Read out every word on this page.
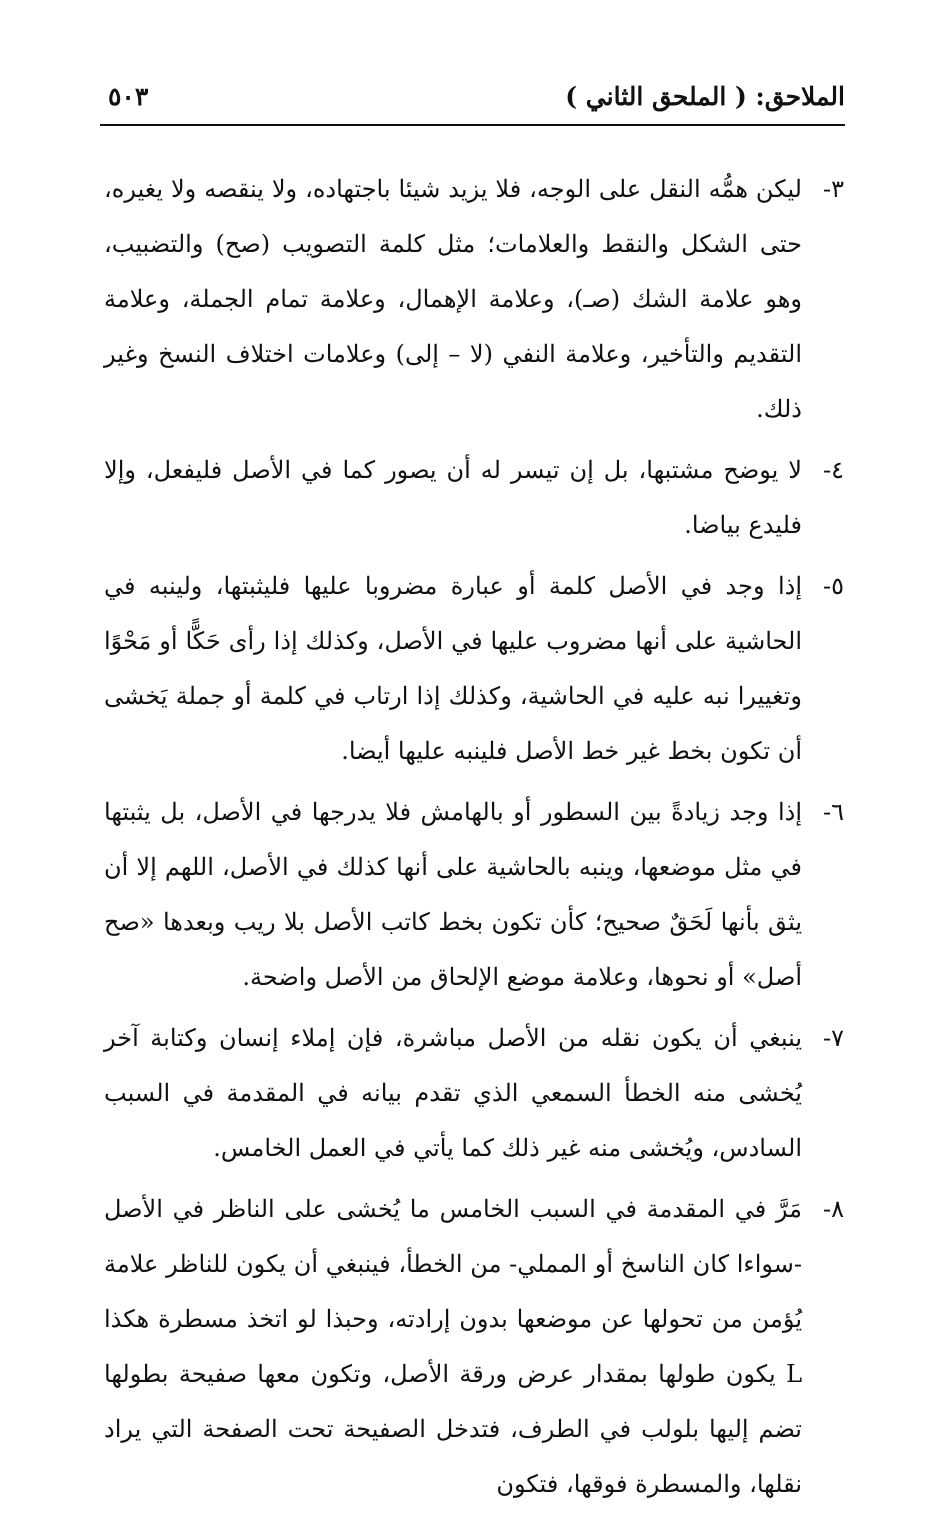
الملاحق: ( الملحق الثاني )
٥٠٣
٣-

ليكن همُّه النقل على الوجه، فلا يزيد شيئا باجتهاده، ولا ينقصه ولا يغيره، حتى الشكل والنقط والعلامات؛ مثل كلمة التصويب (صح) والتضبيب، وهو علامة الشك (صـ)، وعلامة الإهمال، وعلامة تمام الجملة، وعلامة التقديم والتأخير، وعلامة النفي (لا – إلى) وعلامات اختلاف النسخ وغير ذلك.

٤-

لا يوضح مشتبها، بل إن تيسر له أن يصور كما في الأصل فليفعل، وإلا فليدع بياضا.

٥-

إذا وجد في الأصل كلمة أو عبارة مضروبا عليها فليثبتها، ولينبه في الحاشية على أنها مضروب عليها في الأصل، وكذلك إذا رأى حَكًّا أو مَحْوًا وتغييرا نبه عليه في الحاشية، وكذلك إذا ارتاب في كلمة أو جملة يَخشى أن تكون بخط غير خط الأصل فلينبه عليها أيضا.

٦-

إذا وجد زيادةً بين السطور أو بالهامش فلا يدرجها في الأصل، بل يثبتها في مثل موضعها، وينبه بالحاشية على أنها كذلك في الأصل، اللهم إلا أن يثق بأنها لَحَقٌ صحيح؛ كأن تكون بخط كاتب الأصل بلا ريب وبعدها «صح أصل» أو نحوها، وعلامة موضع الإلحاق من الأصل واضحة.

٧-

ينبغي أن يكون نقله من الأصل مباشرة، فإن إملاء إنسان وكتابة آخر يُخشى منه الخطأ السمعي الذي تقدم بيانه في المقدمة في السبب السادس، ويُخشى منه غير ذلك كما يأتي في العمل الخامس.

٨-

مَرَّ في المقدمة في السبب الخامس ما يُخشى على الناظر في الأصل -سواءا كان الناسخ أو المملي- من الخطأ، فينبغي أن يكون للناظر علامة يُؤمن من تحولها عن موضعها بدون إرادته، وحبذا لو اتخذ مسطرة هكذا L يكون طولها بمقدار عرض ورقة الأصل، وتكون معها صفيحة بطولها تضم إليها بلولب في الطرف، فتدخل الصفيحة تحت الصفحة التي يراد نقلها، والمسطرة فوقها، فتكون
